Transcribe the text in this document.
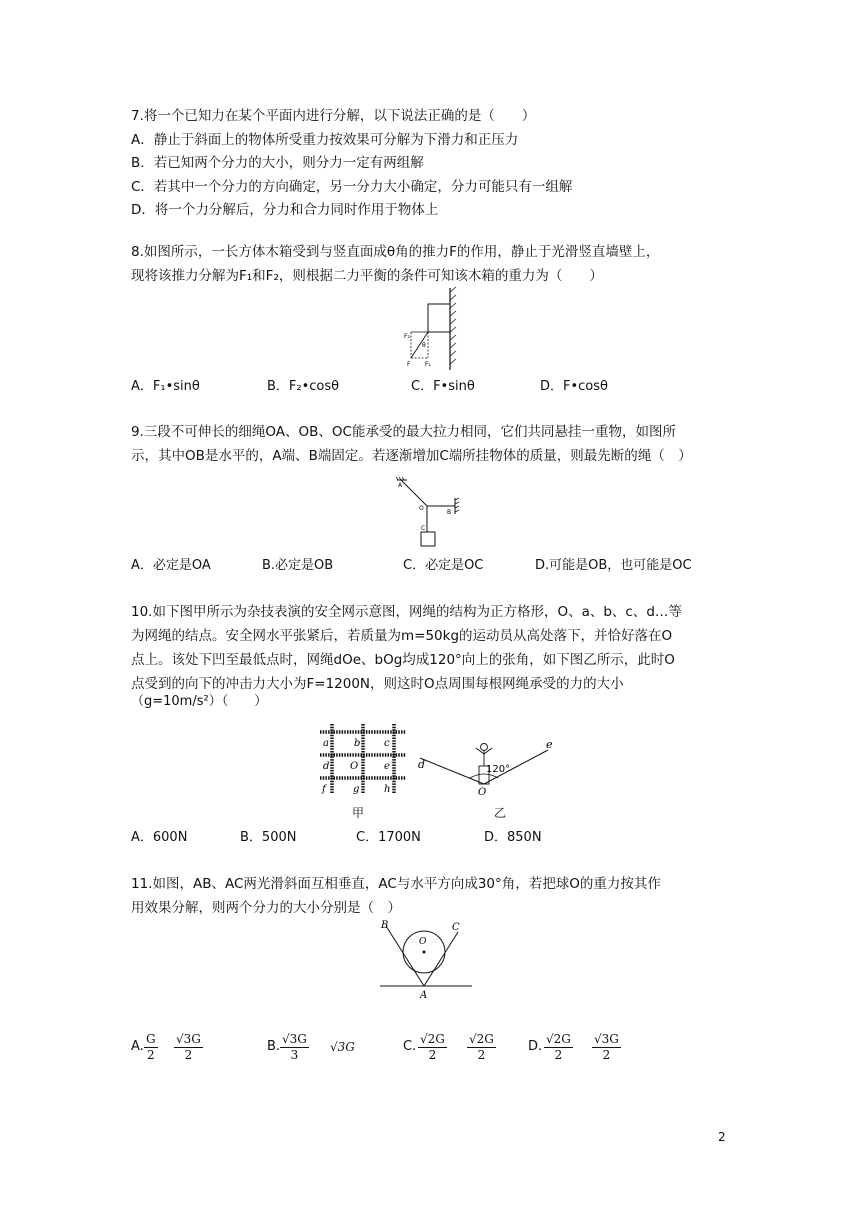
7.将一个已知力在某个平面内进行分解，以下说法正确的是（　　）
A．静止于斜面上的物体所受重力按效果可分解为下滑力和正压力
B．若已知两个分力的大小，则分力一定有两组解
C．若其中一个分力的方向确定，另一分力大小确定，分力可能只有一组解
D．将一个力分解后，分力和合力同时作用于物体上
8.如图所示，一长方体木箱受到与竖直面成θ角的推力F的作用，静止于光滑竖直墙壁上，
现将该推力分解为F₁和F₂，则根据二力平衡的条件可知该木箱的重力为（　　）
F₂
θ
F F₁
A．F₁•sinθ	B．F₂•cosθ	C．F•sinθ	D．F•cosθ
9.三段不可伸长的细绳OA、OB、OC能承受的最大拉力相同，它们共同悬挂一重物，如图所
示，其中OB是水平的，A端、B端固定。若逐渐增加C端所挂物体的质量，则最先断的绳（　）
A
O
B
C
A．必定是OA	B.必定是OB	C．必定是OC	D.可能是OB，也可能是OC
10.如下图甲所示为杂技表演的安全网示意图，网绳的结构为正方格形，O、a、b、c、d…等
为网绳的结点。安全网水平张紧后，若质量为m=50kg的运动员从高处落下，并恰好落在O
点上。该处下凹至最低点时，网绳dOe、bOg均成120°向上的张角，如下图乙所示，此时O
点受到的向下的冲击力大小为F=1200N，则这时O点周围每根网绳承受的力的大小
（g=10m/s²）（　　）
a	b c
d O	e
f	g h
甲
d
e
O
120°
乙
A．600N	B．500N	C．1700N	D．850N
11.如图，AB、AC两光滑斜面互相垂直，AC与水平方向成30°角，若把球O的重力按其作
用效果分解，则两个分力的大小分别是（　）
B	C
O
A
A. $\frac{G}{2} \frac{√3G}{2}$	B. $\frac{√3G}{3} √3G$	C. $\frac{√2G}{2} \frac{√2G}{2} D$. $\frac{√2G}{2} \frac{√3G}{2}$
2
